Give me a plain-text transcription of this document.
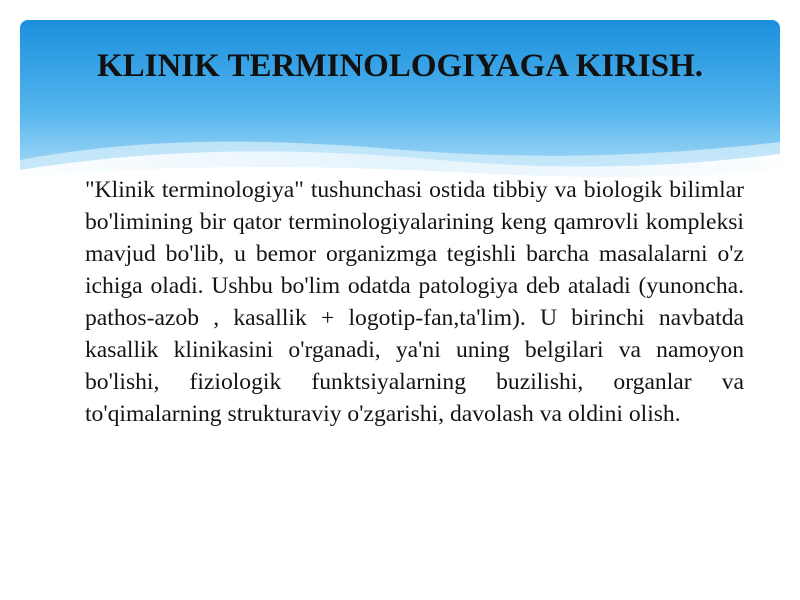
KLINIK TERMINOLOGIYAGA KIRISH.

"Klinik terminologiya" tushunchasi ostida tibbiy va biologik bilimlar bo'limining bir qator terminologiyalarining keng qamrovli kompleksi mavjud bo'lib, u bemor organizmga tegishli barcha masalalarni o'z ichiga oladi. Ushbu bo'lim odatda patologiya deb ataladi (yunoncha. pathos-azob , kasallik + logotip-fan,ta'lim). U birinchi navbatda kasallik klinikasini o'rganadi, ya'ni uning belgilari va namoyon bo'lishi, fiziologik funktsiyalarning buzilishi, organlar va to'qimalarning strukturaviy o'zgarishi, davolash va oldini olish.
